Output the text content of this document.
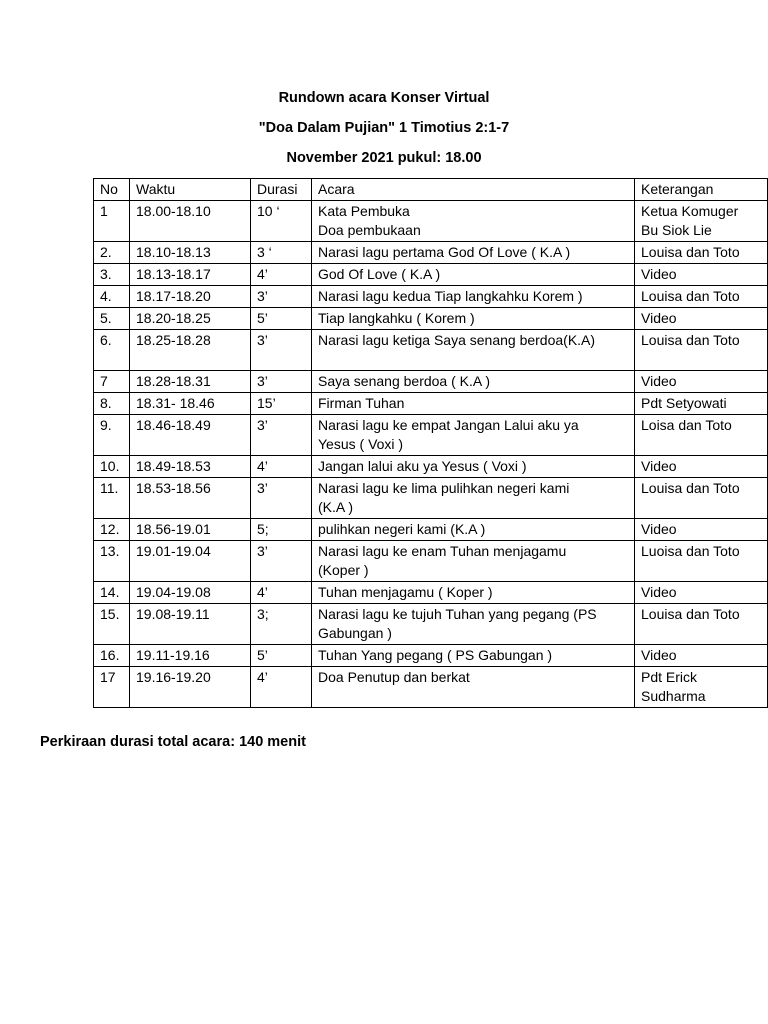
Rundown acara Konser Virtual
"Doa Dalam Pujian" 1 Timotius 2:1-7
November 2021 pukul: 18.00
No	Waktu	Durasi	Acara	Keterangan
1	18.00-18.10	10 ‘	Kata Pembuka
Doa pembukaan	Ketua Komuger
Bu Siok Lie

2.	18.10-18.13	3 ‘	Narasi lagu pertama God Of Love ( K.A )	Louisa dan Toto

3.	18.13-18.17	4’	God Of Love ( K.A )	Video

4.	18.17-18.20	3’	Narasi lagu kedua Tiap langkahku Korem )	Louisa dan Toto

5.	18.20-18.25	5’	Tiap langkahku ( Korem )	Video

6.	18.25-18.28	3’	Narasi lagu ketiga Saya senang berdoa(K.A)	Louisa dan Toto

7	18.28-18.31	3’	Saya senang berdoa ( K.A )	Video

8.	18.31- 18.46	15’	Firman Tuhan	Pdt Setyowati

9.	18.46-18.49	3’	Narasi lagu ke empat Jangan Lalui aku ya
Yesus ( Voxi )	Loisa dan Toto

10.	18.49-18.53	4’	Jangan lalui aku ya Yesus ( Voxi )	Video

11.	18.53-18.56	3’	Narasi lagu ke lima pulihkan negeri kami
(K.A )	Louisa dan Toto

12.	18.56-19.01	5;	pulihkan negeri kami (K.A )	Video

13.	19.01-19.04	3’	Narasi lagu ke enam Tuhan menjagamu
(Koper )	Luoisa dan Toto

14.	19.04-19.08	4’	Tuhan menjagamu ( Koper )	Video

15.	19.08-19.11	3;	Narasi lagu ke tujuh Tuhan yang pegang (PS
Gabungan )	Louisa dan Toto

16.	19.11-19.16	5’	Tuhan Yang pegang ( PS Gabungan )	Video

17	19.16-19.20	4’	Doa Penutup dan berkat	Pdt Erick
Sudharma
Perkiraan durasi total acara: 140 menit
